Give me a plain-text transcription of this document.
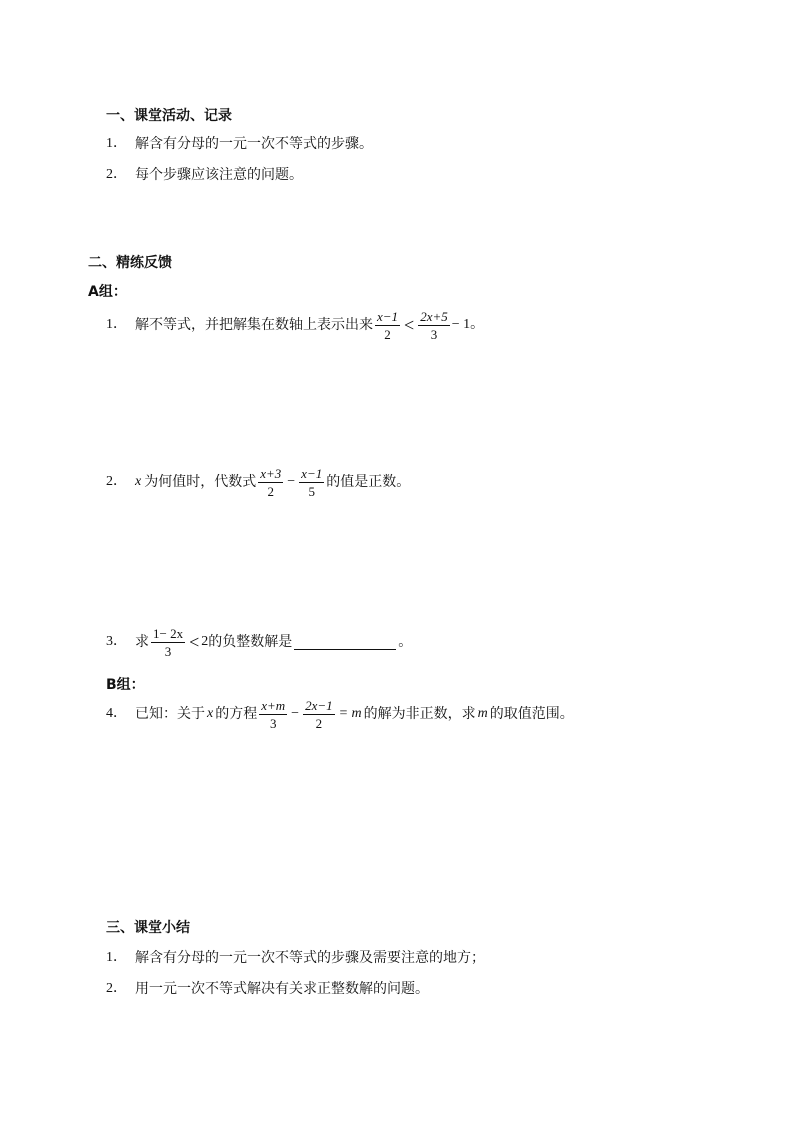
一、课堂活动、记录
1． 解含有分母的一元一次不等式的步骤。
2． 每个步骤应该注意的问题。
二、精练反馈
A组：
1． 解不等式，并把解集在数轴上表示出来 $\frac{x-1}{2} < \frac{2x+5}{3} - 1$。
2． x 为何值时，代数式 $\frac{x+3}{2} - \frac{x-1}{5}$ 的值是正数。
3． 求 $\frac{1- 2x}{3} < 2$ 的负整数解是	。
B组：
4． 已知：关于 x 的方程 $\frac{x+m}{3} - \frac{2x-1}{2} = m$ 的解为非正数，求 m 的取值范围。
三、课堂小结
1． 解含有分母的一元一次不等式的步骤及需要注意的地方；
2． 用一元一次不等式解决有关求正整数解的问题。
